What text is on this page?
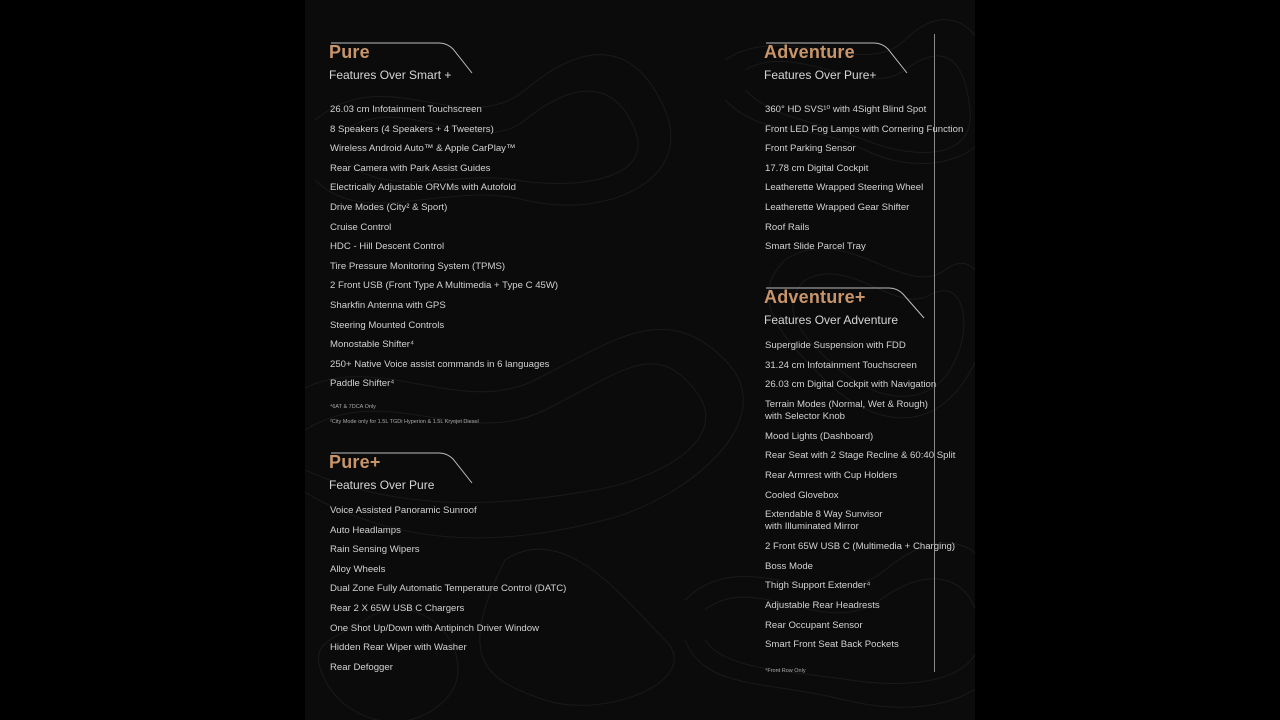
Pure
Features Over Smart +
26.03 cm Infotainment Touchscreen
8 Speakers (4 Speakers + 4 Tweeters)
Wireless Android Auto™ & Apple CarPlay™
Rear Camera with Park Assist Guides
Electrically Adjustable ORVMs with Autofold
Drive Modes (City² & Sport)
Cruise Control
HDC - Hill Descent Control
Tire Pressure Monitoring System (TPMS)
2 Front USB (Front Type A Multimedia + Type C 45W)
Sharkfin Antenna with GPS
Steering Mounted Controls
Monostable Shifter⁴
250+ Native Voice assist commands in 6 languages
Paddle Shifter⁴
⁴6AT & 7DCA Only
²City Mode only for 1.5L TGDi Hyperion & 1.5L Kryojet Diesel
Pure+
Features Over Pure
Voice Assisted Panoramic Sunroof
Auto Headlamps
Rain Sensing Wipers
Alloy Wheels
Dual Zone Fully Automatic Temperature Control (DATC)
Rear 2 X 65W USB C Chargers
One Shot Up/Down with Antipinch Driver Window
Hidden Rear Wiper with Washer
Rear Defogger
Adventure
Features Over Pure+
360° HD SVS¹⁰ with 4Sight Blind Spot
Front LED Fog Lamps with Cornering Function
Front Parking Sensor
17.78 cm Digital Cockpit
Leatherette Wrapped Steering Wheel
Leatherette Wrapped Gear Shifter
Roof Rails
Smart Slide Parcel Tray
Adventure+
Features Over Adventure
Superglide Suspension with FDD
31.24 cm Infotainment Touchscreen
26.03 cm Digital Cockpit with Navigation
Terrain Modes (Normal, Wet & Rough)
with Selector Knob
Mood Lights (Dashboard)
Rear Seat with 2 Stage Recline & 60:40 Split
Rear Armrest with Cup Holders
Cooled Glovebox
Extendable 8 Way Sunvisor
with Illuminated Mirror
2 Front 65W USB C (Multimedia + Charging)
Boss Mode
Thigh Support Extender⁴
Adjustable Rear Headrests
Rear Occupant Sensor
Smart Front Seat Back Pockets
⁴Front Row Only
